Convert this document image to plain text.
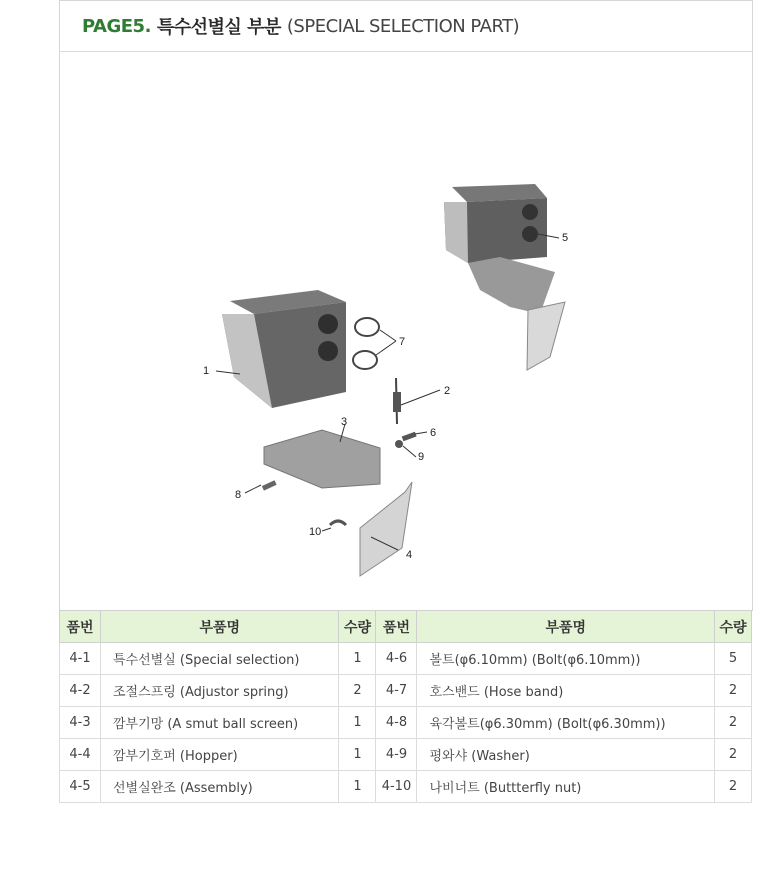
PAGE5. 특수선별실 부분 (SPECIAL SELECTION PART)
1
2
3
4
5
6
7
8
9
10
품번	부품명	수량	품번	부품명	수량
4-1	특수선별실 (Special selection)	1	4-6	볼트(φ6.10mm) (Bolt(φ6.10mm))	5
4-2	조절스프링 (Adjustor spring)	2	4-7	호스밴드 (Hose band)	2
4-3	깜부기망 (A smut ball screen)	1	4-8	육각볼트(φ6.30mm) (Bolt(φ6.30mm))	2
4-4	깜부기호퍼 (Hopper)	1	4-9	평와샤 (Washer)	2
4-5	선별실완조 (Assembly)	1	4-10	나비너트 (Buttterfly nut)	2
